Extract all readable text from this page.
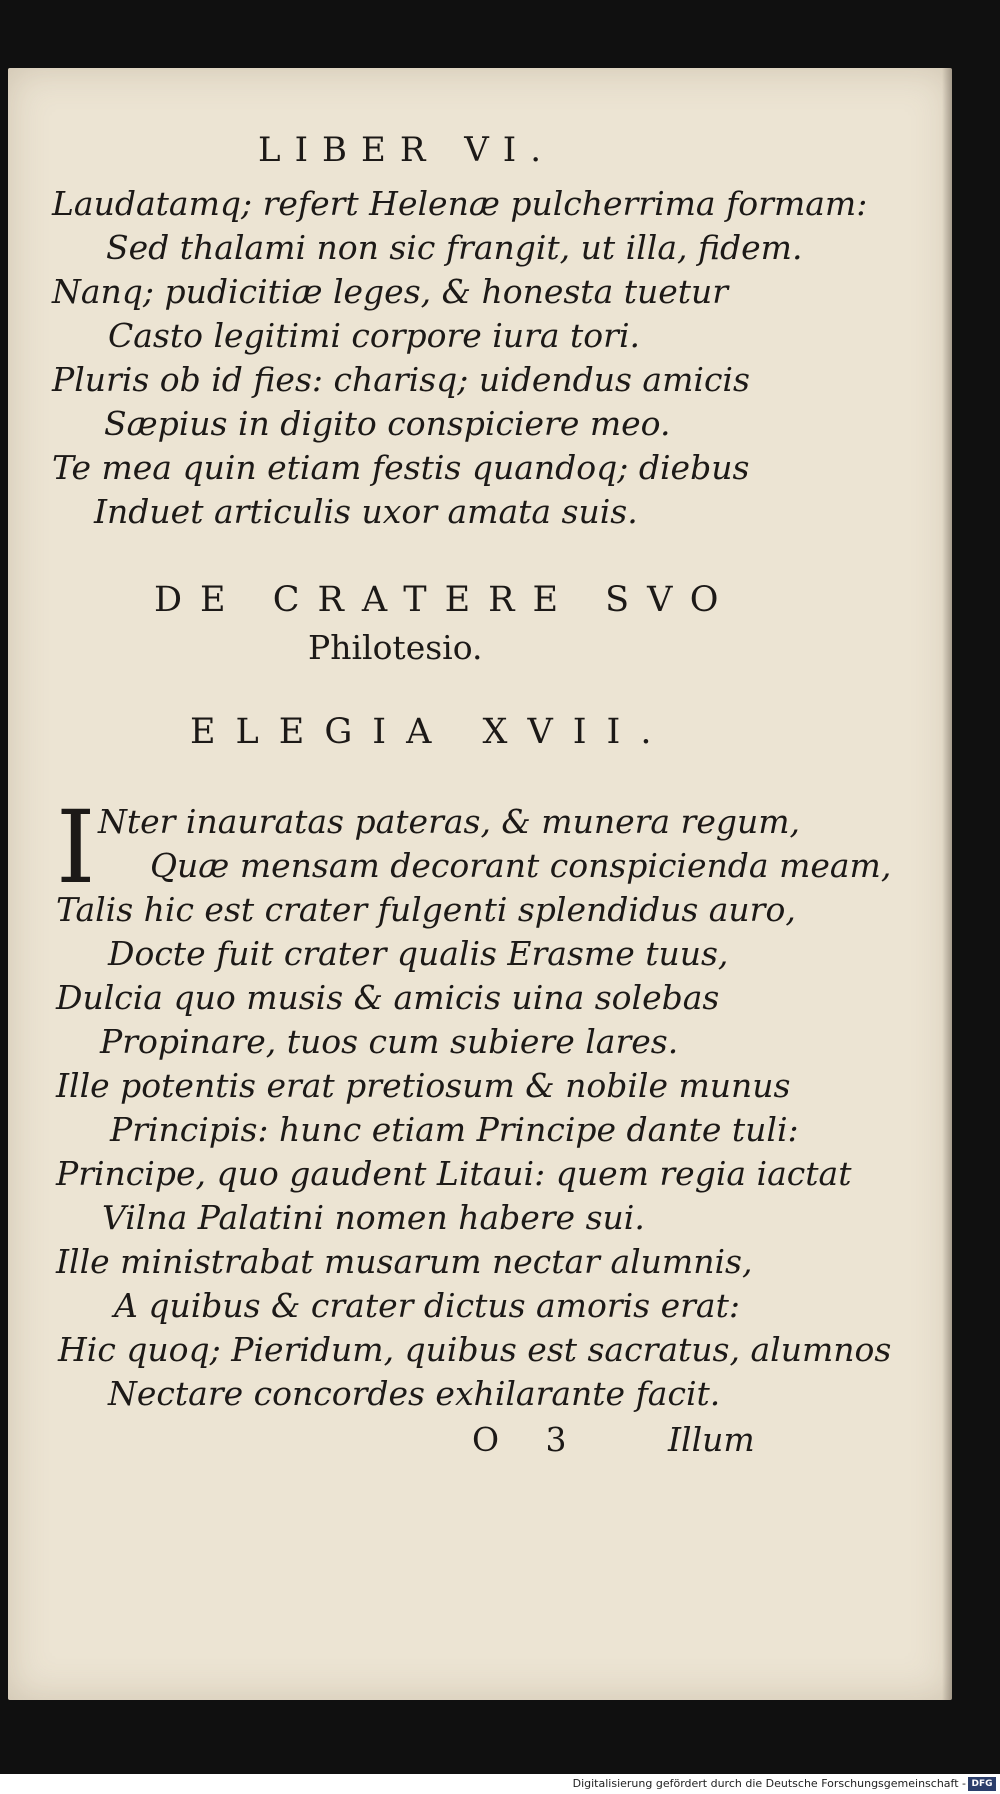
LIBER VI.
Laudatamq; refert Helenæ pulcherrima formam:
Sed thalami non sic frangit, ut illa, fidem.
Nanq; pudicitiæ leges, & honesta tuetur
Casto legitimi corpore iura tori.
Pluris ob id fies: charisq; uidendus amicis
Sæpius in digito conspiciere meo.
Te mea quin etiam festis quandoq; diebus
Induet articulis uxor amata suis.
DE CRATERE SVO
Philotesio.
ELEGIA XVII.
I Nter inauratas pateras, & munera regum,
Quæ mensam decorant conspicienda meam,
Talis hic est crater fulgenti splendidus auro,
Docte fuit crater qualis Erasme tuus,
Dulcia quo musis & amicis uina solebas
Propinare, tuos cum subiere lares.
Ille potentis erat pretiosum & nobile munus
Principis: hunc etiam Principe dante tuli:
Principe, quo gaudent Litaui: quem regia iactat
Vilna Palatini nomen habere sui.
Ille ministrabat musarum nectar alumnis,
A quibus & crater dictus amoris erat:
Hic quoq; Pieridum, quibus est sacratus, alumnos
Nectare concordes exhilarante facit.
O 3	Illum
Digitalisierung gefördert durch die Deutsche Forschungsgemeinschaft - DFG
